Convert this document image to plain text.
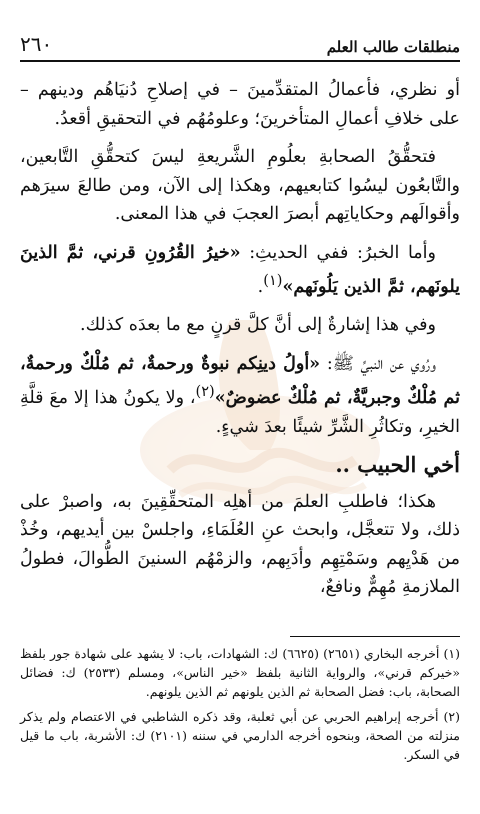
منطلقات طالب العلم
٢٦٠

أو نظري، فأعمالُ المتقدِّمينَ – في إصلاحِ دُنيَاهُم ودينهم – على خلافِ أعمالِ المتأخرينَ؛ وعلومُهُم في التحقيقِ أقعدُ.

فتحقُّقُ الصحابةِ بعلُومِ الشَّريعةِ ليسَ كتحقُّقِ التَّابعين، والتَّابعُون ليسُوا كتابعيهم، وهكذا إلى الآن، ومن طالعَ سيرَهم وأقوالَهم وحكاياتِهم أبصرَ العجبَ في هذا المعنى.

وأما الخبرُ: ففي الحديثِ: «خيرُ القُرُونِ قرني، ثمَّ الذينَ يلونَهم، ثمَّ الذين يَلُونَهم»$^{(١)}$.

وفي هذا إشارةٌ إلى أنَّ كلَّ قرنٍ مع ما بعدَه كذلك.

ورُوي عن النبيِّ ﷺ: «أولُ دينِكم نبوةٌ ورحمةٌ، ثم مُلْكٌ ورحمةٌ، ثم مُلْكٌ وجبريَّةٌ، ثم مُلْكٌ عضوضٌ»$^{(٢)}$، ولا يكونُ هذا إلا معَ قلَّةِ الخيرِ، وتكاثُرِ الشَّرِّ شيئًا بعدَ شيءٍ.

أخي الحبيب ..

هكذا؛ فاطلبِ العلمَ من أهلِه المتحقِّقِينَ به، واصبرْ على ذلك، ولا تتعجَّل، وابحث عنِ العُلَمَاءِ، واجلسْ بين أيديهم، وخُذْ من هَدْيِهم وسَمْتِهِم وأدَبِهم، والزمْهُم السنينَ الطُّوالَ، فطولُ الملازمةِ مُهِمٌّ ونافعٌ،

(١) أخرجه البخاري (٢٦٥١) (٦٦٢٥) ك: الشهادات، باب: لا يشهد على شهادة جور بلفظ «خيركم قرني»، والرواية الثانية بلفظ «خير الناس»، ومسلم (٢٥٣٣) ك: فضائل الصحابة، باب: فضل الصحابة ثم الذين يلونهم ثم الذين يلونهم.

(٢) أخرجه إبراهيم الحربي عن أبي ثعلبة، وقد ذكره الشاطبي في الاعتصام ولم يذكر منزلته من الصحة، وبنحوه أخرجه الدارمي في سننه (٢١٠١) ك: الأشربة، باب ما قيل في السكر.
